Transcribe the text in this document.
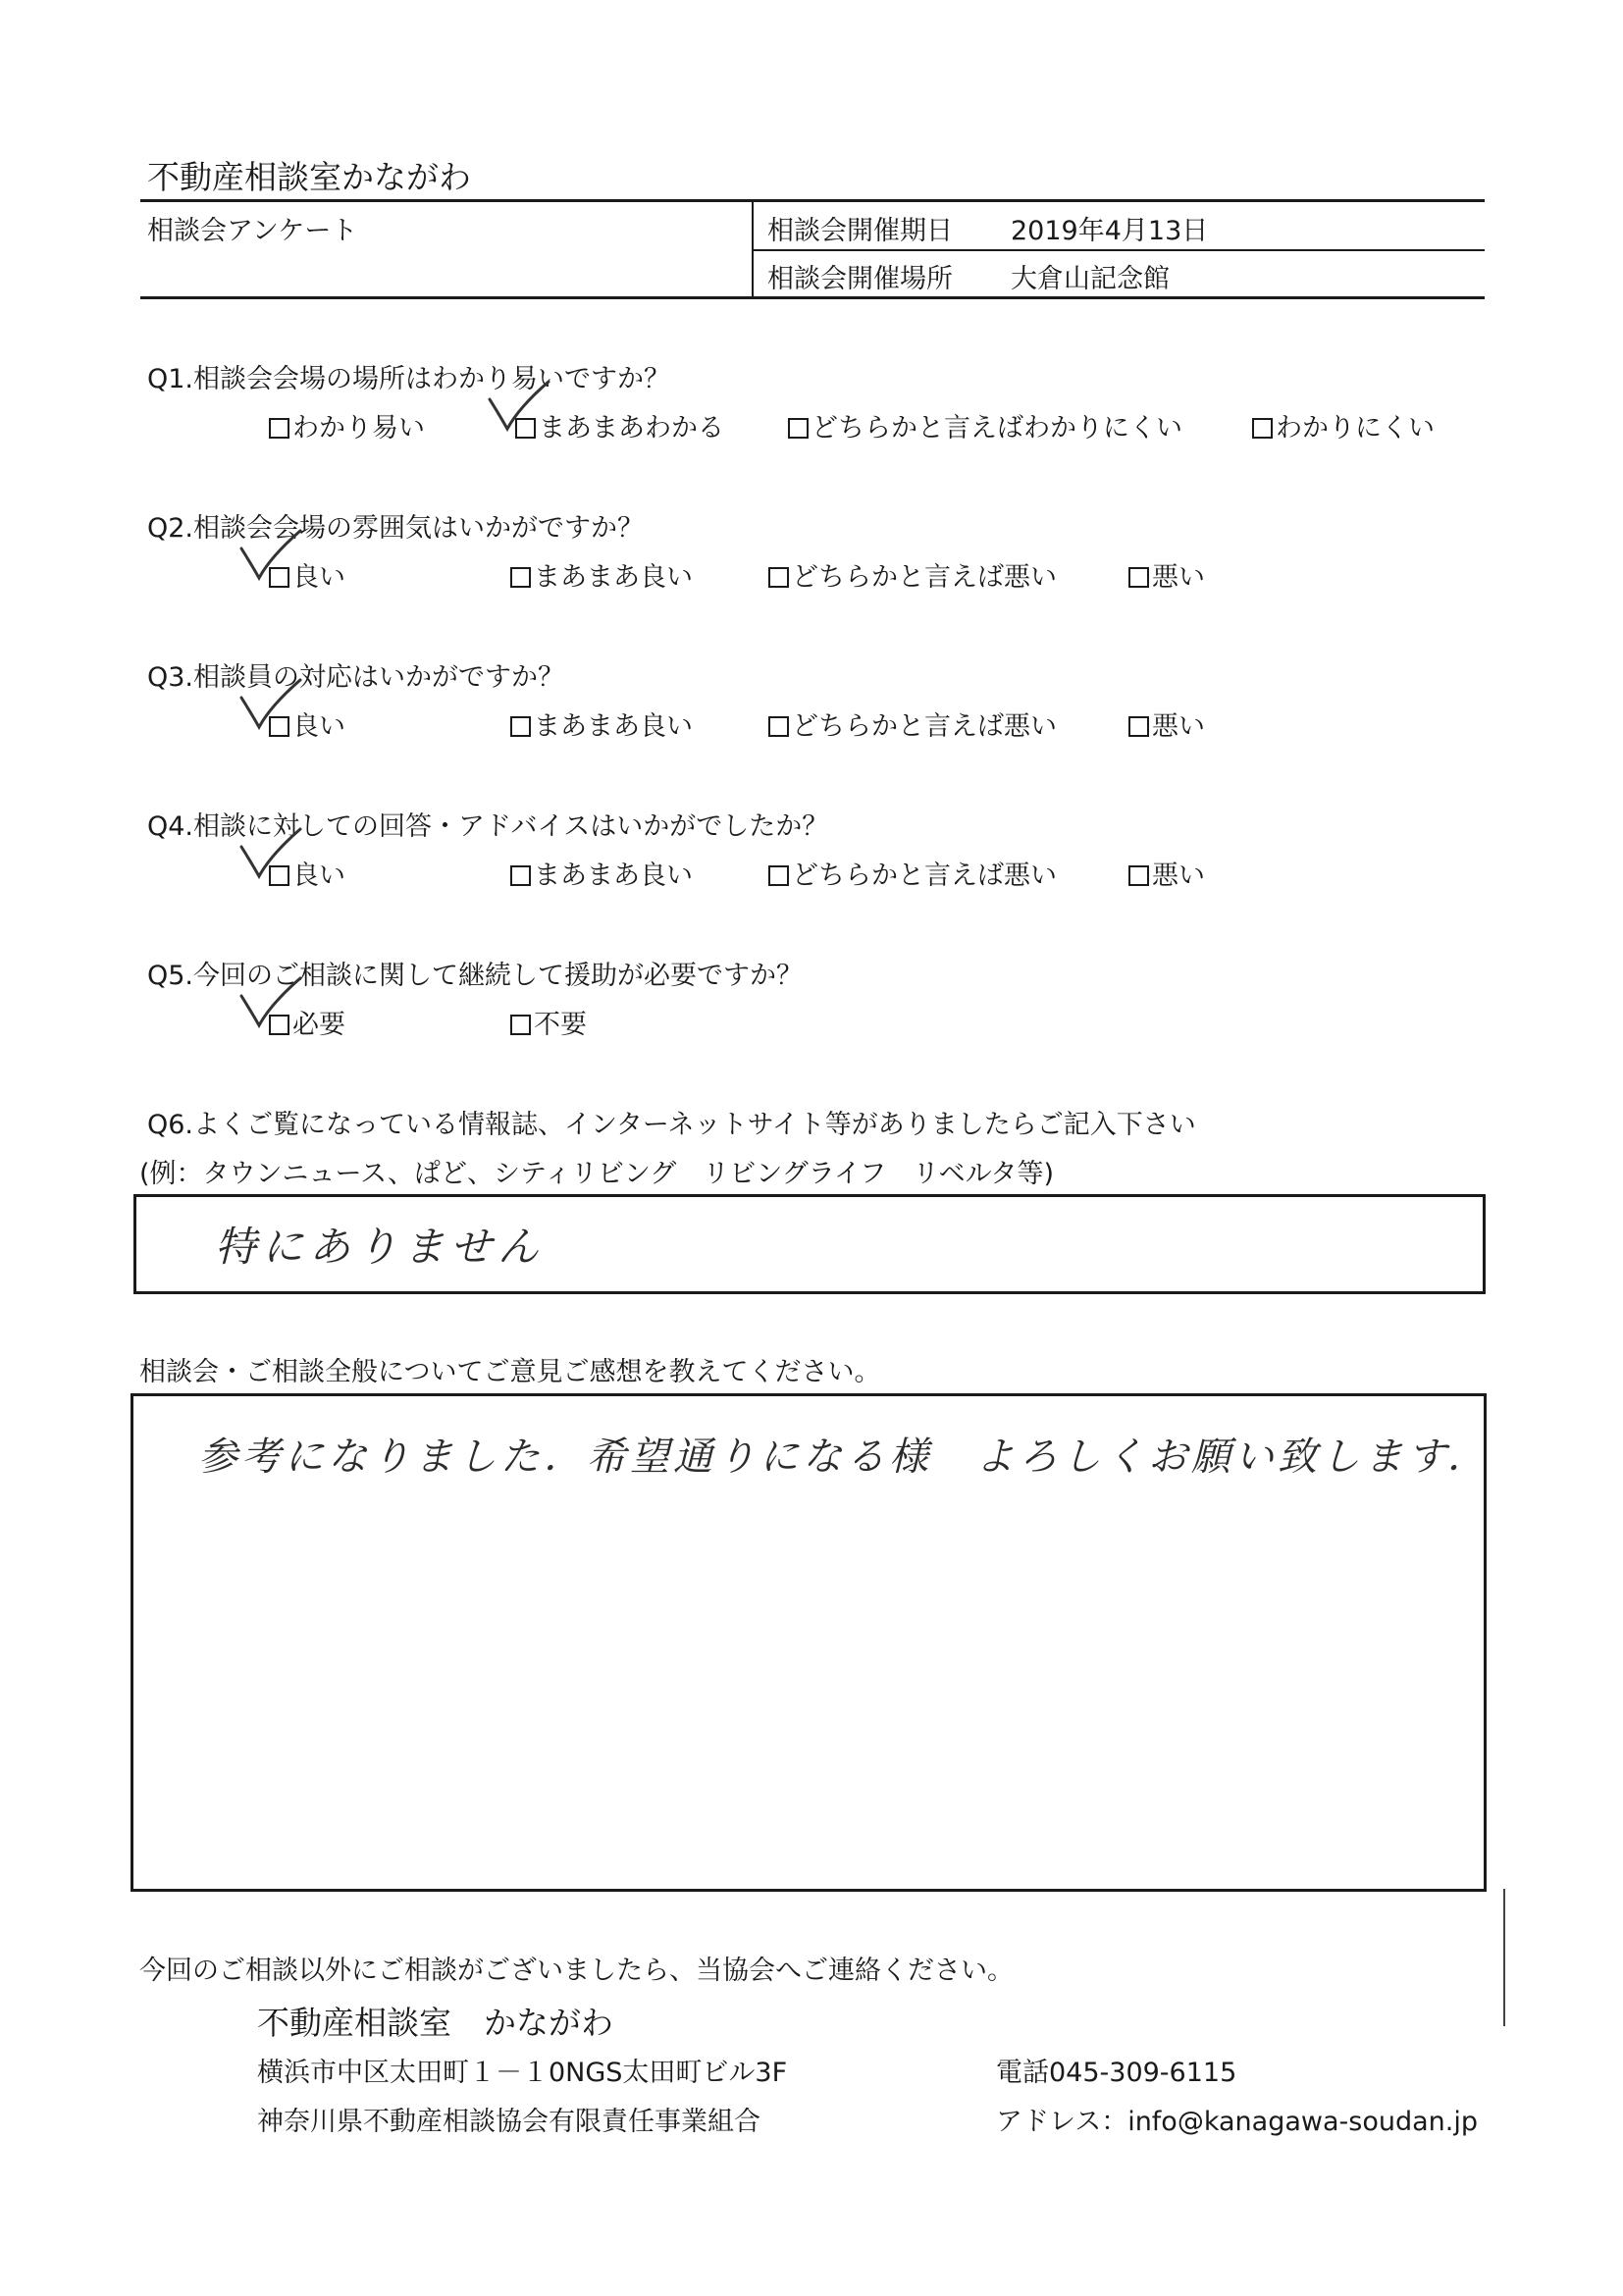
不動産相談室かながわ
相談会アンケート	相談会開催期日 2019年4月13日
相談会開催場所 大倉山記念館
Q1.相談会会場の場所はわかり易いですか？
わかり易い	まあまあわかる	どちらかと言えばわかりにくい	わかりにくい
Q2.相談会会場の雰囲気はいかがですか？
良い	まあまあ良い	どちらかと言えば悪い	悪い
Q3.相談員の対応はいかがですか？
良い	まあまあ良い	どちらかと言えば悪い	悪い
Q4.相談に対しての回答・アドバイスはいかがでしたか？
良い	まあまあ良い	どちらかと言えば悪い	悪い
Q5.今回のご相談に関して継続して援助が必要ですか？
必要	不要
Q6.よくご覧になっている情報誌、インターネットサイト等がありましたらご記入下さい
(例：タウンニュース、ぱど、シティリビング　リビングライフ　リベルタ等)
特にありません
相談会・ご相談全般についてご意見ご感想を教えてください。
参考になりました．希望通りになる様　よろしくお願い致します．
今回のご相談以外にご相談がございましたら、当協会へご連絡ください。
不動産相談室　かながわ
横浜市中区太田町１－１0NGS太田町ビル3F	電話045-309-6115
神奈川県不動産相談協会有限責任事業組合	アドレス：info@kanagawa-soudan.jp
